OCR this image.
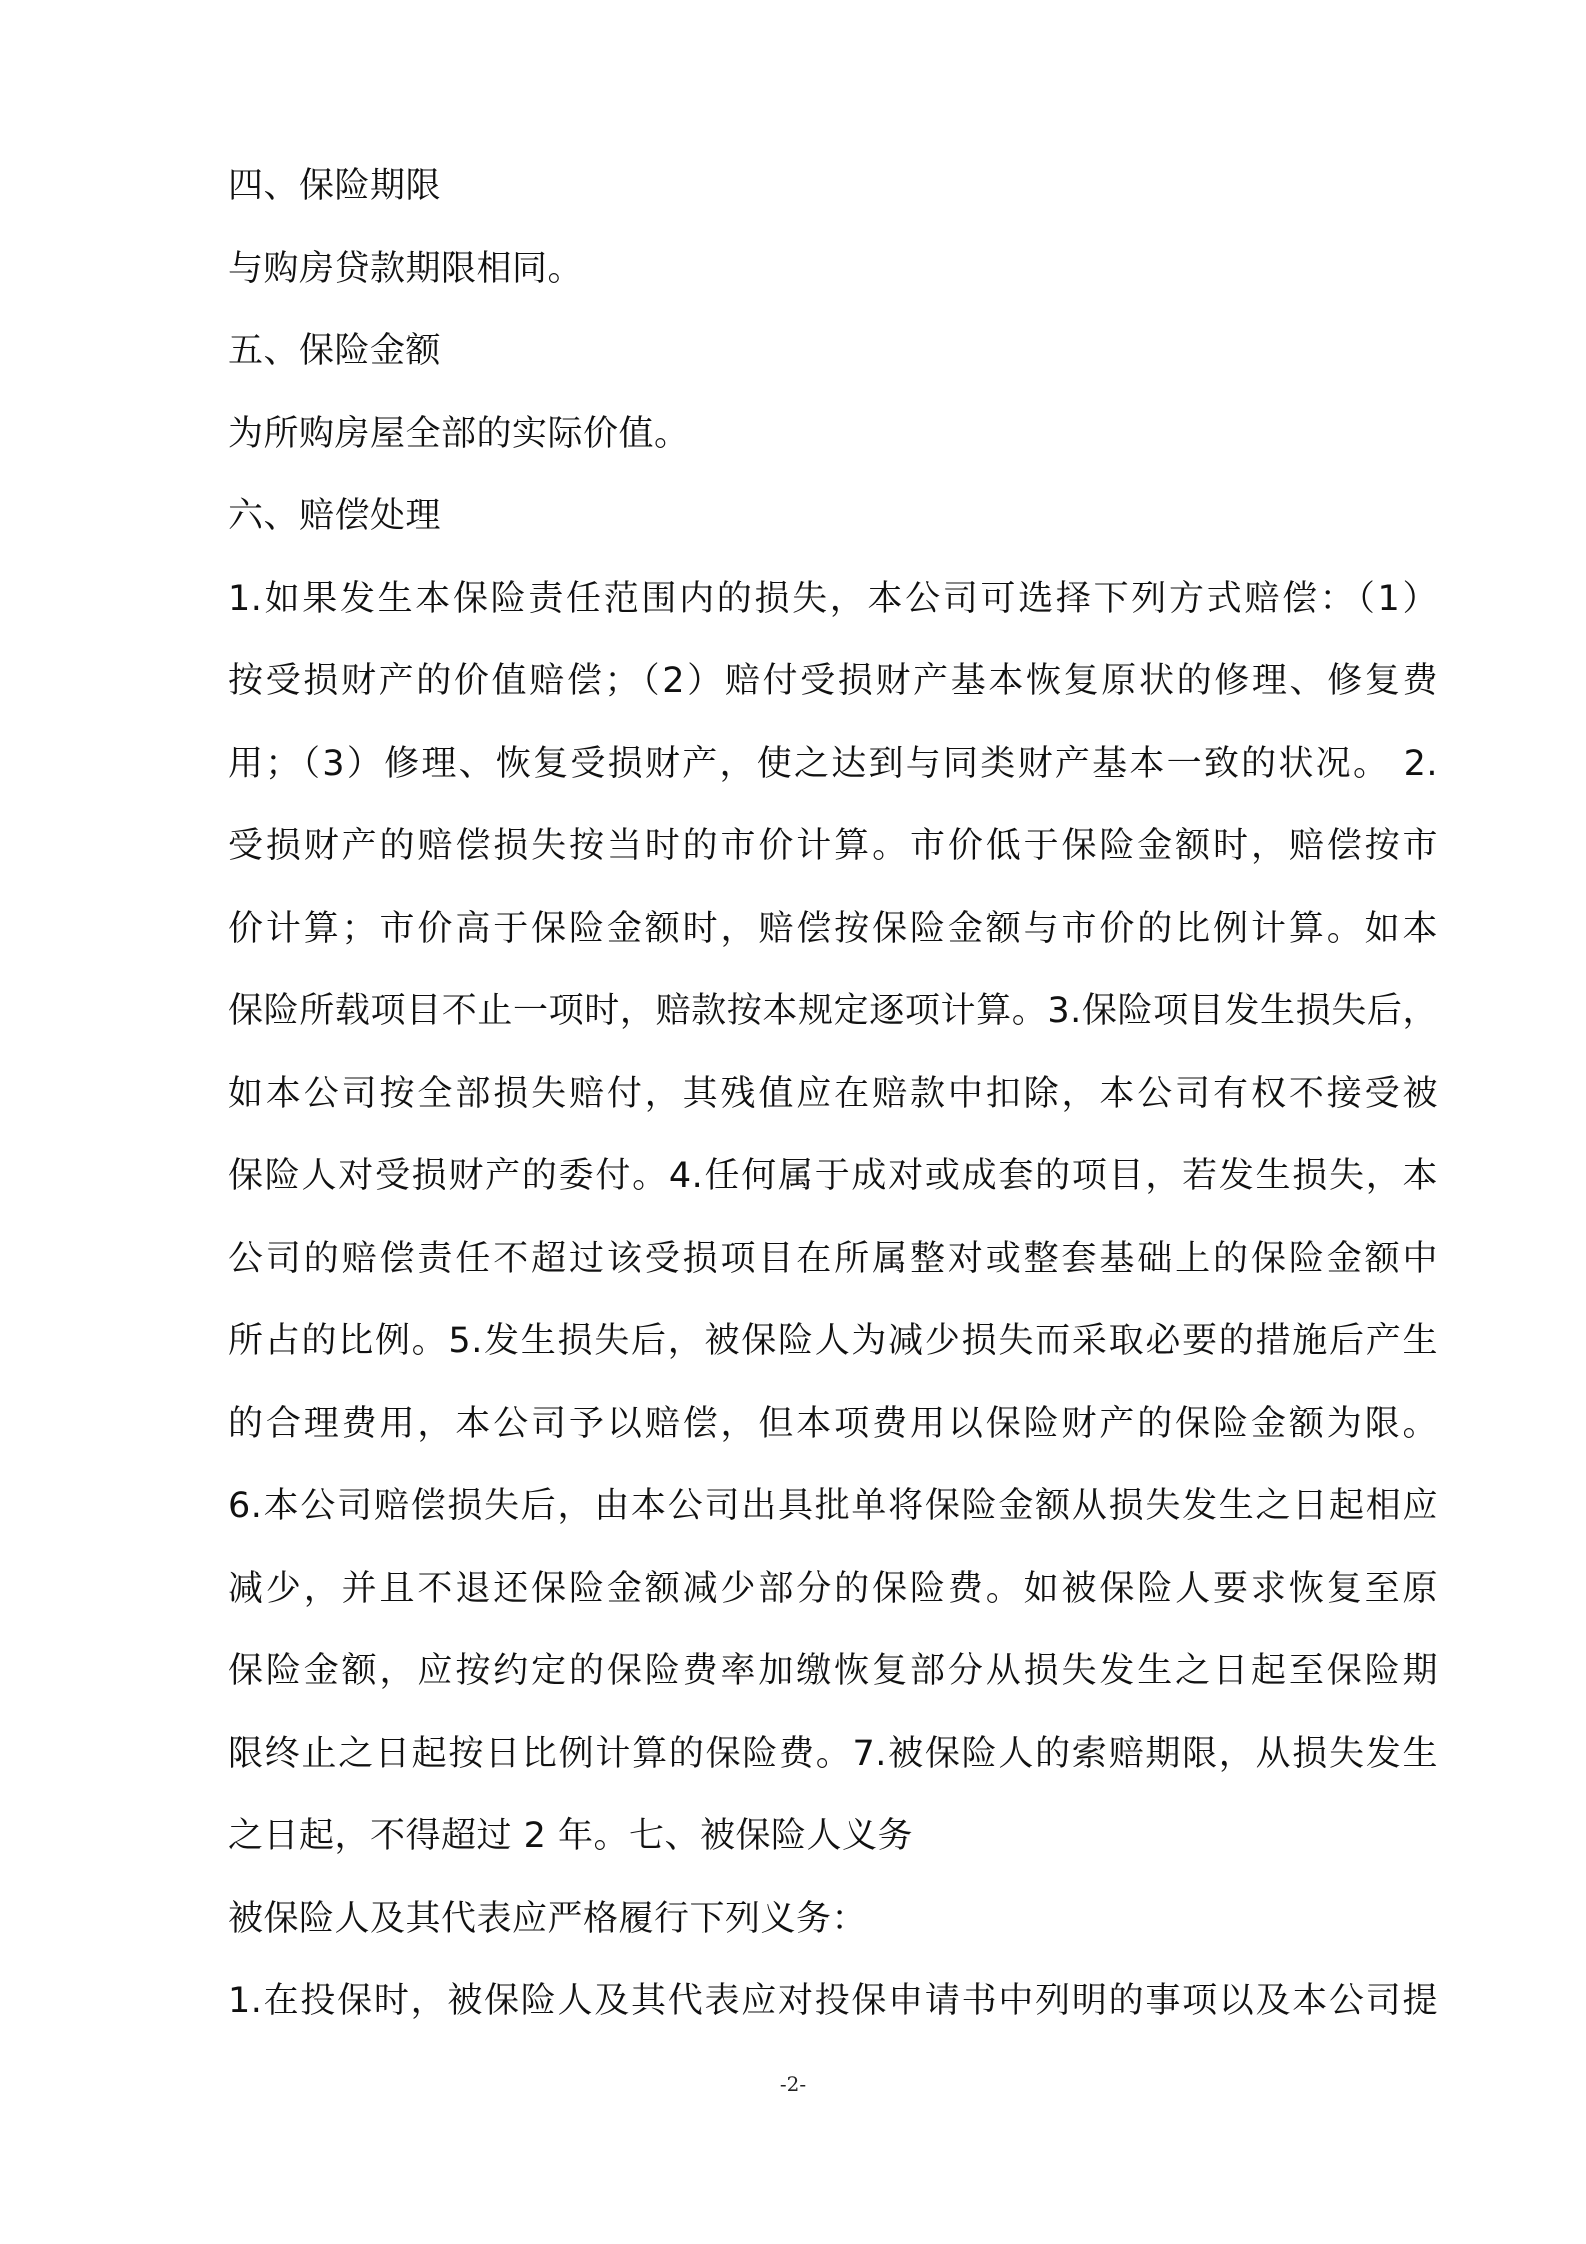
四、保险期限
与购房贷款期限相同。
五、保险金额
为所购房屋全部的实际价值。
六、赔偿处理
1.如果发生本保险责任范围内的损失，本公司可选择下列方式赔偿：（1）
按受损财产的价值赔偿；（2）赔付受损财产基本恢复原状的修理、修复费
用；（3）修理、恢复受损财产，使之达到与同类财产基本一致的状况。 2.
受损财产的赔偿损失按当时的市价计算。市价低于保险金额时，赔偿按市
价计算；市价高于保险金额时，赔偿按保险金额与市价的比例计算。如本
保险所载项目不止一项时，赔款按本规定逐项计算。3.保险项目发生损失后，
如本公司按全部损失赔付，其残值应在赔款中扣除，本公司有权不接受被
保险人对受损财产的委付。4.任何属于成对或成套的项目，若发生损失，本
公司的赔偿责任不超过该受损项目在所属整对或整套基础上的保险金额中
所占的比例。5.发生损失后，被保险人为减少损失而采取必要的措施后产生
的合理费用，本公司予以赔偿，但本项费用以保险财产的保险金额为限。
6.本公司赔偿损失后，由本公司出具批单将保险金额从损失发生之日起相应
减少，并且不退还保险金额减少部分的保险费。如被保险人要求恢复至原
保险金额，应按约定的保险费率加缴恢复部分从损失发生之日起至保险期
限终止之日起按日比例计算的保险费。7.被保险人的索赔期限，从损失发生
之日起，不得超过 2 年。七、被保险人义务
被保险人及其代表应严格履行下列义务：
1.在投保时，被保险人及其代表应对投保申请书中列明的事项以及本公司提
-2-
